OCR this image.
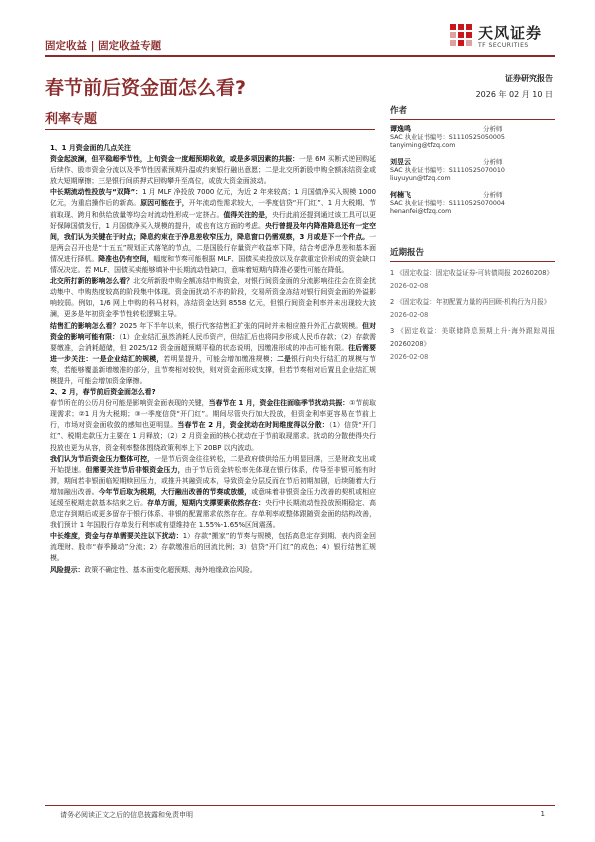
固定收益 | 固定收益专题
天风证券
TF SECURITIES
春节前后资金面怎么看?	证券研究报告
2026 年 02 月 10 日
利率专题

1、1 月资金面的几点关注

资金起波澜，但平稳超季节性，上旬资金一度超预期收敛，或是多项因素的共振：一是 6M 买断式逆回购延后续作、股市资金分流以及季节性因素预期升温或约束银行融出意愿；二是北交所新股申购全额冻结资金或放大短期摩擦；三是银行间质押式回购攀升至高位，或放大资金面波动。

中长期流动性投放与“双降”：1 月 MLF 净投放 7000 亿元，为近 2 年来较高；1 月国债净买入规模 1000 亿元，为重启操作后的新高。原因可能在于，开年流动性需求较大，一季度信贷“开门红”、1 月大税期、节前取现、跨月和供给放量等均会对流动性形成一定挤占。值得关注的是，央行此前还提到通过该工具可以更好保障国债发行，1 月国债净买入规模的提升，或也有这方面的考虑。央行曾提及年内降准降息还有一定空间，我们认为关键在于时点；降息约束在于净息差收窄压力，降息窗口仍需观察，3 月或是下一个件点。一是两会召开也是“十五五”规划正式落笔的节点，二是国股行存量资产收益率下降，结合考虑净息差和基本面情况进行择机。降准也仍有空间，幅度和节奏可能根据 MLF、国债买卖投放以及存款重定价形成的资金缺口情况决定。若 MLF、国债买卖能够填补中长期流动性缺口，意味着短期内降准必要性可能在降低。

北交所打新的影响怎么看？北交所新股申购全额冻结申购资金，对银行间资金面的分流影响往往会在资金扰动集中、申购热度较高的阶段集中体现。资金面扰动不亦的阶段，交易所资金冻结对银行间资金面的外溢影响较弱。例如，1/6 网上申购的科马材料，冻结资金达到 8558 亿元，但银行间资金利率并未出现较大波澜，更多是年初资金季节性转松逻辑主导。

结售汇的影响怎么看？2025 年下半年以来，银行代客结售汇扩张的同时并未相应推升外汇占款规模。但对资金的影响可能有限：（1）企业结汇虽然消耗人民币资产，但结汇后也将同步形成人民币存款；（2）存款需要缴准，会消耗超储，但 2025/12 资金面超预期平稳的状态说明，因缴准形成的冲击可能有限。往后需要进一步关注：一是企业结汇的规模，若明显提升，可能会增加缴准规模；二是银行向央行结汇的规模与节奏，若能够覆盖新增缴准的部分，且节奏相对较快，则对资金面形成支撑，但若节奏相对后置且企业结汇规模提升，可能会增加资金摩擦。

2、2 月，春节前后资金面怎么看?

春节所在的公历月份可能是影响资金面表现的关键，当春节在 1 月，资金往往面临季节扰动共振：①节前取现需求；②1 月为大税期；③一季度信贷“开门红”。期间尽管央行加大投放，但资金利率更容易在节前上行，市场对资金面收敛的感知也更明显。当春节在 2 月，资金扰动在时间维度得以分散：（1）信贷“开门红”、税期走款压力主要在 1 月释放；（2）2 月资金面的核心扰动在于节前取现需求。扰动的分散使得央行投放也更为从容，资金利率整体围绕政策利率上下 20BP 以内波动。

我们认为节后资金压力整体可控，一是节后资金往往转松，二是政府债供给压力明显回落，三是财政支出或开始提速。但需要关注节后非银资金压力，由于节后资金转松率先体现在银行体系，传导至非银可能有时滞，期间若非银面临短期赎回压力，或推升其融资成本，导致资金分层反而在节后初期加剧，后续随着大行增加融出改善。今年节后取为税期，大行融出改善的节奏或放缓，或意味着非银资金压力改善的契机或相应延缓至税期走款基本结束之后。存单方面，短期内支撑要素依然存在：央行中长期流动性投放预期稳定、高息定存到期后或更多留存于银行体系、非银的配置需求依然存在。存单利率或整体跟随资金面的结构改善，我们预计 1 年国股行存单发行利率或有望维持在 1.55%-1.65%区间震荡。

中长维度，资金与存单需要关注以下扰动：1）存款“搬家”的节奏与规模，包括高息定存到期、表内资金回流理财、股市“春季躁动”分流；2）存款缴准后的回流比例；3）信贷“开门红”的成色；4）银行结售汇规模。

风险提示：政策不确定性、基本面变化超预期、海外地缘政治风险。

作者
谭逸鸣	分析师
SAC 执业证书编号：S1110525050005
tanyiming@tfzq.com
刘昱云	分析师
SAC 执业证书编号：S1110525070010
liuyuyun@tfzq.com
何楠飞	分析师
SAC 执业证书编号：S1110525070004
henanfei@tfzq.com
近期报告
1 《固定收益：固定收益证券-可转债周报 20260208》
2026-02-08
2 《固定收益：年初配置力量的再回顾-机构行为月报》
2026-02-08
3 《固定收益：美联储降息预期上升-海外跟踪周报 20260208》
2026-02-08
请务必阅读正文之后的信息披露和免责申明	1
